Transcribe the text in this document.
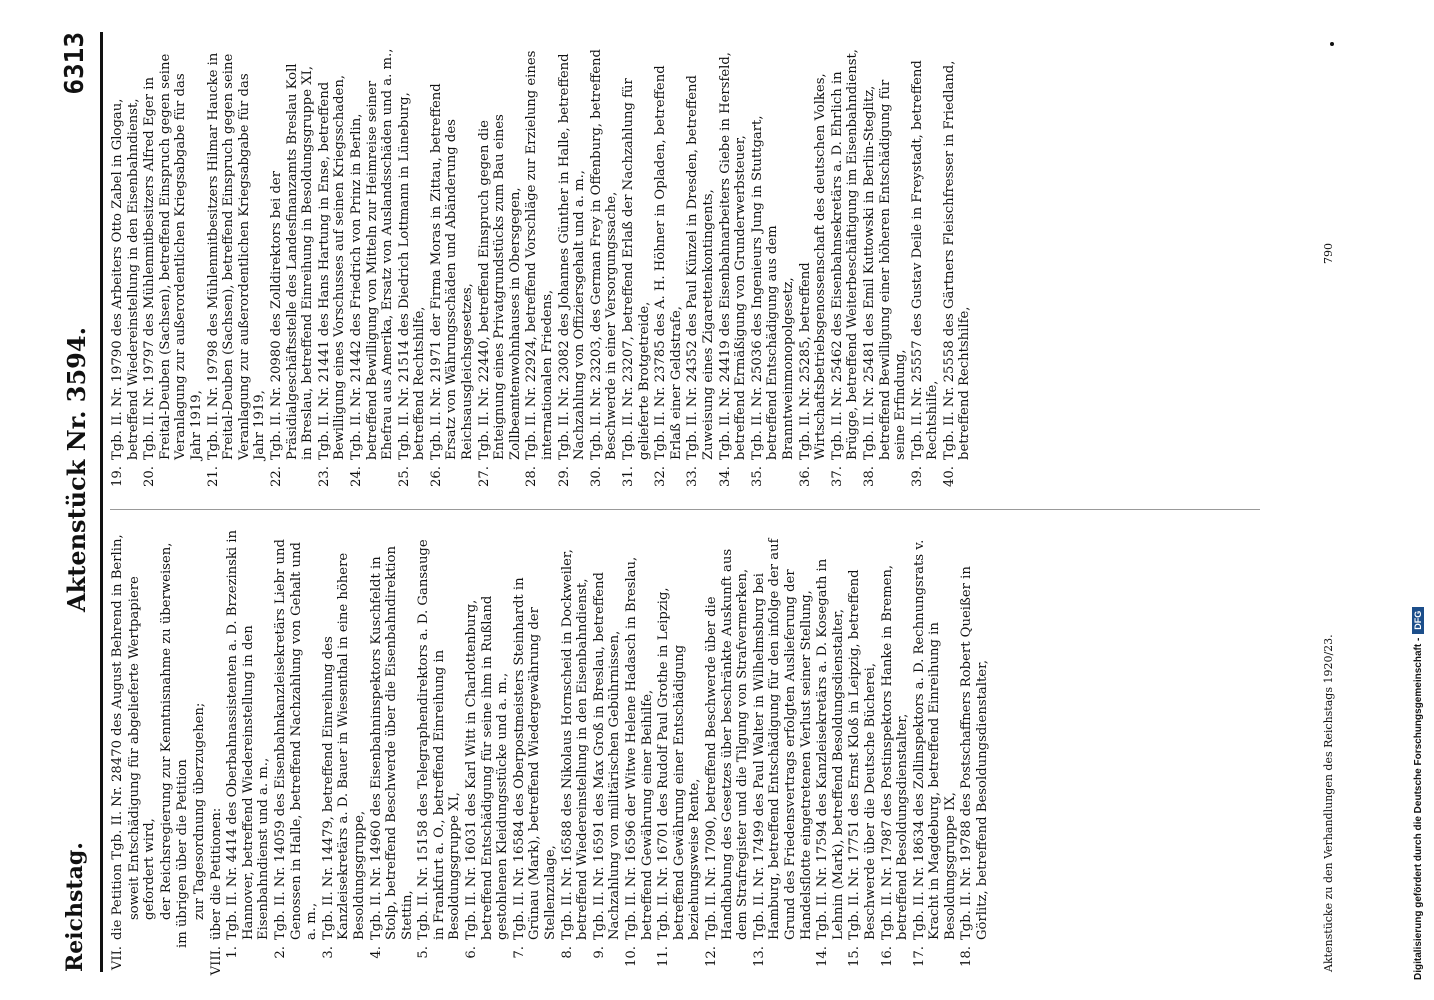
Reichstag.
Aktenstück Nr. 3594.
6313
VII.die Petition Tgb. II. Nr. 28470 des August Behrend in Berlin, soweit Entschädigung für abgelieferte Wertpapiere gefordert wird, der Reichsregierung zur Kenntnisnahme zu überweisen, im übrigen über die Petition zur Tagesordnung überzugehen;
VIII.über die Petitionen:
1.Tgb. II. Nr. 4414 des Oberbahnassistenten a. D. Brzezinski in Hannover, betreffend Wiedereinstellung in den Eisenbahndienst und a. m.,
2.Tgb. II. Nr. 14059 des Eisenbahnkanzleisekretärs Liebr und Genossen in Halle, betreffend Nachzahlung von Gehalt und a. m.,
3.Tgb. II. Nr. 14479, betreffend Einreihung des Kanzleisekretärs a. D. Bauer in Wiesenthal in eine höhere Besoldungsgruppe,
4.Tgb. II. Nr. 14960 des Eisenbahninspektors Kuschfeldt in Stolp, betreffend Beschwerde über die Eisenbahndirektion Stettin,
5.Tgb. II. Nr. 15158 des Telegraphendirektors a. D. Gansauge in Frankfurt a. O., betreffend Einreihung in Besoldungsgruppe XI,
6.Tgb. II. Nr. 16031 des Karl Witt in Charlottenburg, betreffend Entschädigung für seine ihm in Rußland gestohlenen Kleidungsstücke und a. m.,
7.Tgb. II. Nr. 16584 des Oberpostmeisters Steinhardt in Grünau (Mark), betreffend Wiedergewährung der Stellenzulage,
8.Tgb. II. Nr. 16588 des Nikolaus Hornscheid in Dockweiler, betreffend Wiedereinstellung in den Eisenbahndienst,
9.Tgb. II. Nr. 16591 des Max Groß in Breslau, betreffend Nachzahlung von militärischen Gebührnissen,
10.Tgb. II. Nr. 16596 der Witwe Helene Hadasch in Breslau, betreffend Gewährung einer Beihilfe,
11.Tgb. II. Nr. 16701 des Rudolf Paul Grothe in Leipzig, betreffend Gewährung einer Entschädigung beziehungsweise Rente,
12.Tgb. II. Nr. 17090, betreffend Beschwerde über die Handhabung des Gesetzes über beschränkte Auskunft aus dem Strafregister und die Tilgung von Strafvermerken,
13.Tgb. II. Nr. 17499 des Paul Walter in Wilhelmsburg bei Hamburg, betreffend Entschädigung für den infolge der auf Grund des Friedensvertrags erfolgten Auslieferung der Handelsflotte eingetretenen Verlust seiner Stellung,
14.Tgb. II. Nr. 17594 des Kanzleisekretärs a. D. Kosegath in Lehnin (Mark), betreffend Besoldungsdienstalter,
15.Tgb. II. Nr. 17751 des Ernst Kloß in Leipzig, betreffend Beschwerde über die Deutsche Bücherei,
16.Tgb. II. Nr. 17987 des Postinspektors Hanke in Bremen, betreffend Besoldungsdienstalter,
17.Tgb. II. Nr. 18634 des Zollinspektors a. D. Rechnungsrats v. Kracht in Magdeburg, betreffend Einreihung in Besoldungsgruppe IX,
18.Tgb. II. Nr. 19788 des Postschaffners Robert Queißer in Görlitz, betreffend Besoldungsdienstalter,
19.Tgb. II. Nr. 19790 des Arbeiters Otto Zabel in Glogau, betreffend Wiedereinstellung in den Eisenbahndienst,
20.Tgb. II. Nr. 19797 des Mühlenmitbesitzers Alfred Eger in Freital-Deuben (Sachsen), betreffend Einspruch gegen seine Veranlagung zur außerordentlichen Kriegsabgabe für das Jahr 1919,
21.Tgb. II. Nr. 19798 des Mühlenmitbesitzers Hilmar Haucke in Freital-Deuben (Sachsen), betreffend Einspruch gegen seine Veranlagung zur außerordentlichen Kriegsabgabe für das Jahr 1919,
22.Tgb. II. Nr. 20980 des Zolldirektors bei der Präsidialgeschäftsstelle des Landesfinanzamts Breslau Koll in Breslau, betreffend Einreihung in Besoldungsgruppe XI,
23.Tgb. II. Nr. 21441 des Hans Hartung in Ense, betreffend Bewilligung eines Vorschusses auf seinen Kriegsschaden,
24.Tgb. II. Nr. 21442 des Friedrich von Prinz in Berlin, betreffend Bewilligung von Mitteln zur Heimreise seiner Ehefrau aus Amerika, Ersatz von Auslandsschäden und a. m.,
25.Tgb. II. Nr. 21514 des Diedrich Lottmann in Lüneburg, betreffend Rechtshilfe,
26.Tgb. II. Nr. 21971 der Firma Moras in Zittau, betreffend Ersatz von Währungsschäden und Abänderung des Reichsausgleichsgesetzes,
27.Tgb. II. Nr. 22440, betreffend Einspruch gegen die Enteignung eines Privatgrundstücks zum Bau eines Zollbeamtenwohnhauses in Obersgegen,
28.Tgb. II. Nr. 22924, betreffend Vorschläge zur Erzielung eines internationalen Friedens,
29.Tgb. II. Nr. 23082 des Johannes Günther in Halle, betreffend Nachzahlung von Offiziersgehalt und a. m.,
30.Tgb. II. Nr. 23203, des German Frey in Offenburg, betreffend Beschwerde in einer Versorgungssache,
31.Tgb. II. Nr. 23207, betreffend Erlaß der Nachzahlung für gelieferte Brotgetreide,
32.Tgb. II. Nr. 23785 des A. H. Höhner in Opladen, betreffend Erlaß einer Geldstrafe,
33.Tgb. II. Nr. 24352 des Paul Künzel in Dresden, betreffend Zuweisung eines Zigarettenkontingents,
34.Tgb. II. Nr. 24419 des Eisenbahnarbeiters Giebe in Hersfeld, betreffend Ermäßigung von Grunderwerbsteuer,
35.Tgb. II. Nr. 25036 des Ingenieurs Jung in Stuttgart, betreffend Entschädigung aus dem Branntweinmonopolgesetz,
36.Tgb. II. Nr. 25285, betreffend Wirtschaftsbetriebsgenossenschaft des deutschen Volkes,
37.Tgb. II. Nr. 25462 des Eisenbahnsekretärs a. D. Ehrlich in Brügge, betreffend Weiterbeschäftigung im Eisenbahndienst,
38.Tgb. II. Nr. 25481 des Emil Kuttowski in Berlin-Steglitz, betreffend Bewilligung einer höheren Entschädigung für seine Erfindung,
39.Tgb. II. Nr. 25557 des Gustav Deile in Freystadt, betreffend Rechtshilfe,
40.Tgb. II. Nr. 25558 des Gärtners Fleischfresser in Friedland, betreffend Rechtshilfe,
Aktenstücke zu den Verhandlungen des Reichstags 1920/23.
790
Digitalisierung gefördert durch die Deutsche Forschungsgemeinschaft -DFG
